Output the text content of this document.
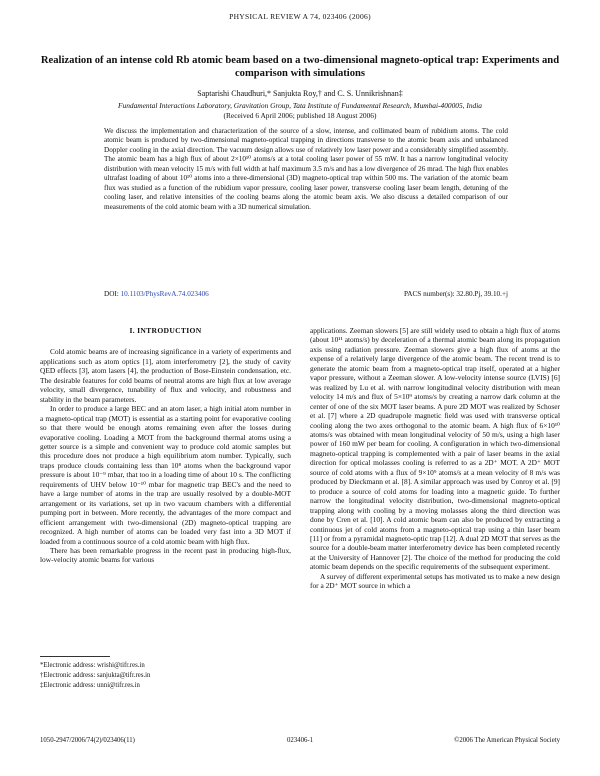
PHYSICAL REVIEW A 74, 023406 (2006)
Realization of an intense cold Rb atomic beam based on a two-dimensional magneto-optical trap: Experiments and comparison with simulations
Saptarishi Chaudhuri,* Sanjukta Roy,† and C. S. Unnikrishnan‡
Fundamental Interactions Laboratory, Gravitation Group, Tata Institute of Fundamental Research, Mumbai-400005, India
(Received 6 April 2006; published 18 August 2006)
We discuss the implementation and characterization of the source of a slow, intense, and collimated beam of rubidium atoms. The cold atomic beam is produced by two-dimensional magneto-optical trapping in directions transverse to the atomic beam axis and unbalanced Doppler cooling in the axial direction. The vacuum design allows use of relatively low laser power and a considerably simplified assembly. The atomic beam has a high flux of about 2×10¹⁰ atoms/s at a total cooling laser power of 55 mW. It has a narrow longitudinal velocity distribution with mean velocity 15 m/s with full width at half maximum 3.5 m/s and has a low divergence of 26 mrad. The high flux enables ultrafast loading of about 10¹⁰ atoms into a three-dimensional (3D) magneto-optical trap within 500 ms. The variation of the atomic beam flux was studied as a function of the rubidium vapor pressure, cooling laser power, transverse cooling laser beam length, detuning of the cooling laser, and relative intensities of the cooling beams along the atomic beam axis. We also discuss a detailed comparison of our measurements of the cold atomic beam with a 3D numerical simulation.
DOI: 10.1103/PhysRevA.74.023406	PACS number(s): 32.80.Pj, 39.10.+j

I. INTRODUCTION

Cold atomic beams are of increasing significance in a variety of experiments and applications such as atom optics [1], atom interferometry [2], the study of cavity QED effects [3], atom lasers [4], the production of Bose-Einstein condensation, etc. The desirable features for cold beams of neutral atoms are high flux at low average velocity, small divergence, tunability of flux and velocity, and robustness and stability in the beam parameters.

In order to produce a large BEC and an atom laser, a high initial atom number in a magneto-optical trap (MOT) is essential as a starting point for evaporative cooling so that there would be enough atoms remaining even after the losses during evaporative cooling. Loading a MOT from the background thermal atoms using a getter source is a simple and convenient way to produce cold atomic samples but this procedure does not produce a high equilibrium atom number. Typically, such traps produce clouds containing less than 10⁸ atoms when the background vapor pressure is about 10⁻⁹ mbar, that too in a loading time of about 10 s. The conflicting requirements of UHV below 10⁻¹⁰ mbar for magnetic trap BEC's and the need to have a large number of atoms in the trap are usually resolved by a double-MOT arrangement or its variations, set up in two vacuum chambers with a differential pumping port in between. More recently, the advantages of the more compact and efficient arrangement with two-dimensional (2D) magneto-optical trapping are recognized. A high number of atoms can be loaded very fast into a 3D MOT if loaded from a continuous source of a cold atomic beam with high flux.

There has been remarkable progress in the recent past in producing high-flux, low-velocity atomic beams for various

applications. Zeeman slowers [5] are still widely used to obtain a high flux of atoms (about 10¹¹ atoms/s) by deceleration of a thermal atomic beam along its propagation axis using radiation pressure. Zeeman slowers give a high flux of atoms at the expense of a relatively large divergence of the atomic beam. The recent trend is to generate the atomic beam from a magneto-optical trap itself, operated at a higher vapor pressure, without a Zeeman slower. A low-velocity intense source (LVIS) [6] was realized by Lu et al. with narrow longitudinal velocity distribution with mean velocity 14 m/s and flux of 5×10⁹ atoms/s by creating a narrow dark column at the center of one of the six MOT laser beams. A pure 2D MOT was realized by Schoser et al. [7] where a 2D quadrupole magnetic field was used with transverse optical cooling along the two axes orthogonal to the atomic beam. A high flux of 6×10¹⁰ atoms/s was obtained with mean longitudinal velocity of 50 m/s, using a high laser power of 160 mW per beam for cooling. A configuration in which two-dimensional magneto-optical trapping is complemented with a pair of laser beams in the axial direction for optical molasses cooling is referred to as a 2D⁺ MOT. A 2D⁺ MOT source of cold atoms with a flux of 9×10⁹ atoms/s at a mean velocity of 8 m/s was produced by Dieckmann et al. [8]. A similar approach was used by Conroy et al. [9] to produce a source of cold atoms for loading into a magnetic guide. To further narrow the longitudinal velocity distribution, two-dimensional magneto-optical trapping along with cooling by a moving molasses along the third direction was done by Cren et al. [10]. A cold atomic beam can also be produced by extracting a continuous jet of cold atoms from a magneto-optical trap using a thin laser beam [11] or from a pyramidal magneto-optic trap [12]. A dual 2D MOT that serves as the source for a double-beam matter interferometry device has been completed recently at the University of Hannover [2]. The choice of the method for producing the cold atomic beam depends on the specific requirements of the subsequent experiment.

A survey of different experimental setups has motivated us to make a new design for a 2D⁺ MOT source in which a

*Electronic address: wrishi@tifr.res.in
†Electronic address: sanjukta@tifr.res.in
‡Electronic address: unni@tifr.res.in
1050-2947/2006/74(2)/023406(11)	023406-1	©2006 The American Physical Society
